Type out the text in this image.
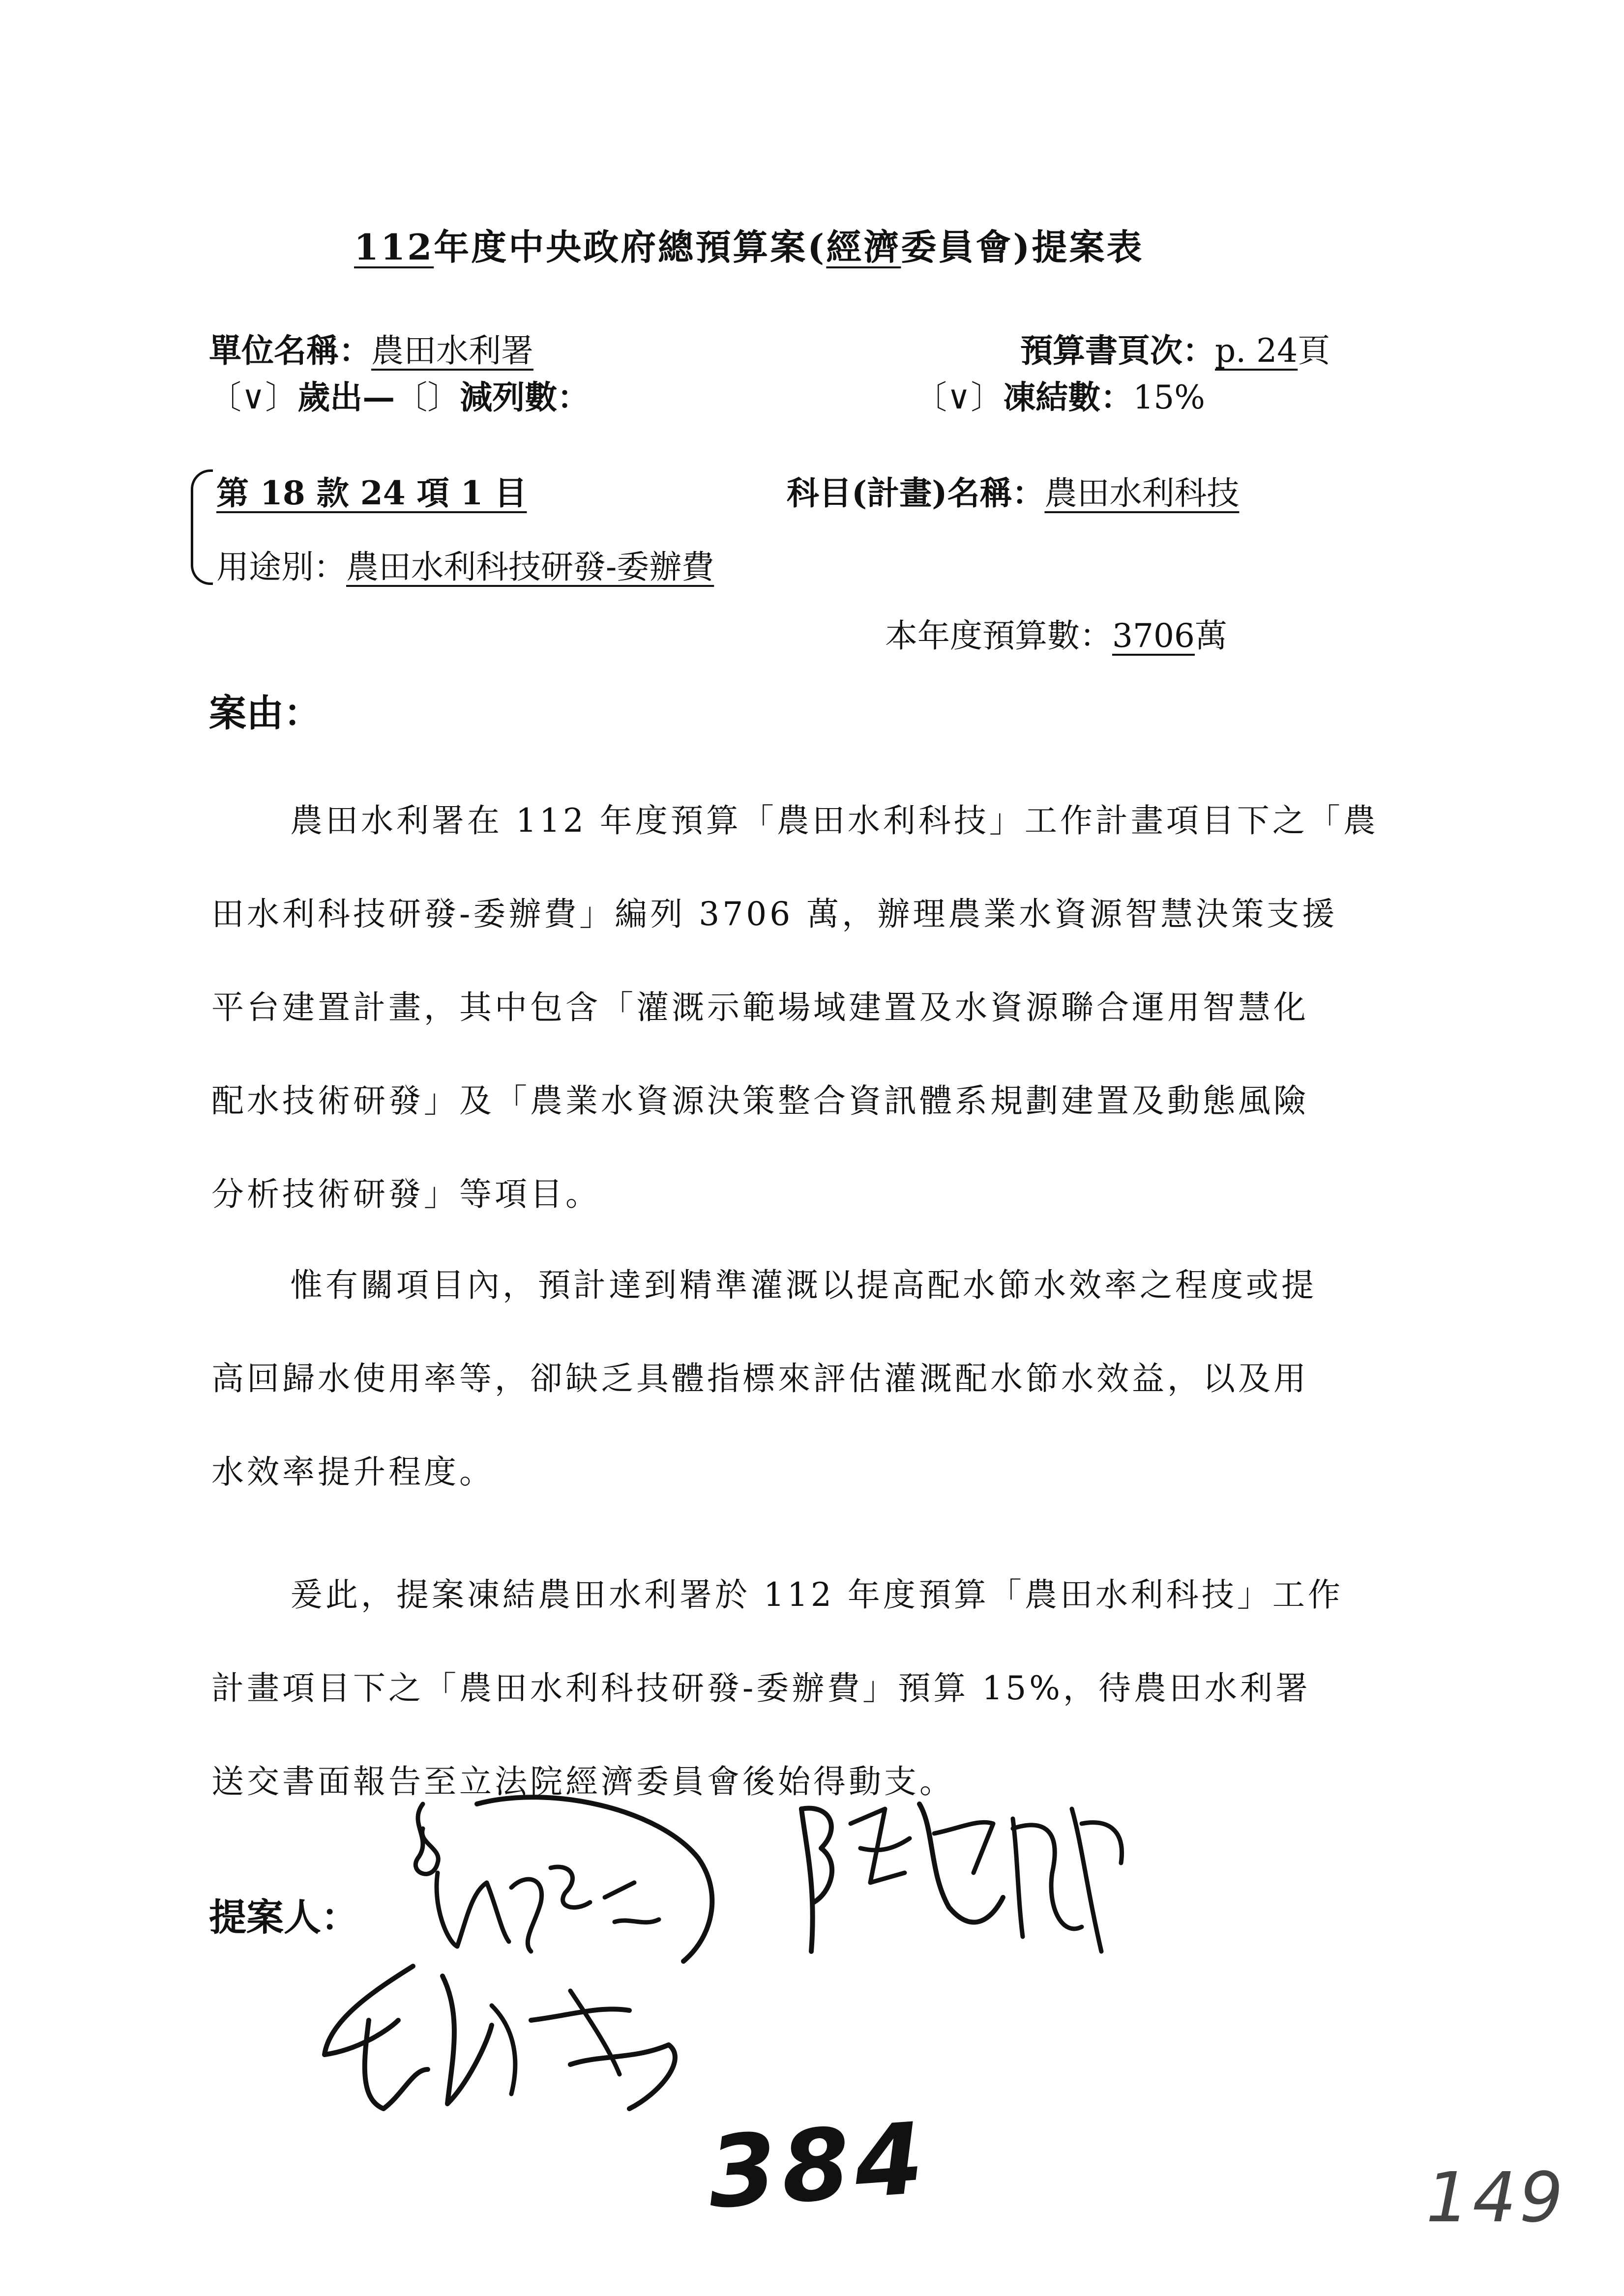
112年度中央政府總預算案(經濟委員會)提案表
單位名稱：農田水利署	預算書頁次：p. 24頁
〔∨〕歲出—〔〕減列數：	〔∨〕凍結數：15%
第 18 款 24 項 1 目	科目(計畫)名稱：農田水利科技
用途別：農田水利科技研發-委辦費
本年度預算數：3706萬
案由：

農田水利署在 112 年度預算「農田水利科技」工作計畫項目下之「農

田水利科技研發-委辦費」編列 3706 萬，辦理農業水資源智慧決策支援

平台建置計畫，其中包含「灌溉示範場域建置及水資源聯合運用智慧化

配水技術研發」及「農業水資源決策整合資訊體系規劃建置及動態風險

分析技術研發」等項目。

惟有關項目內，預計達到精準灌溉以提高配水節水效率之程度或提

高回歸水使用率等，卻缺乏具體指標來評估灌溉配水節水效益，以及用

水效率提升程度。

爰此，提案凍結農田水利署於 112 年度預算「農田水利科技」工作

計畫項目下之「農田水利科技研發-委辦費」預算 15%，待農田水利署

送交書面報告至立法院經濟委員會後始得動支。

提案人：
384	149
